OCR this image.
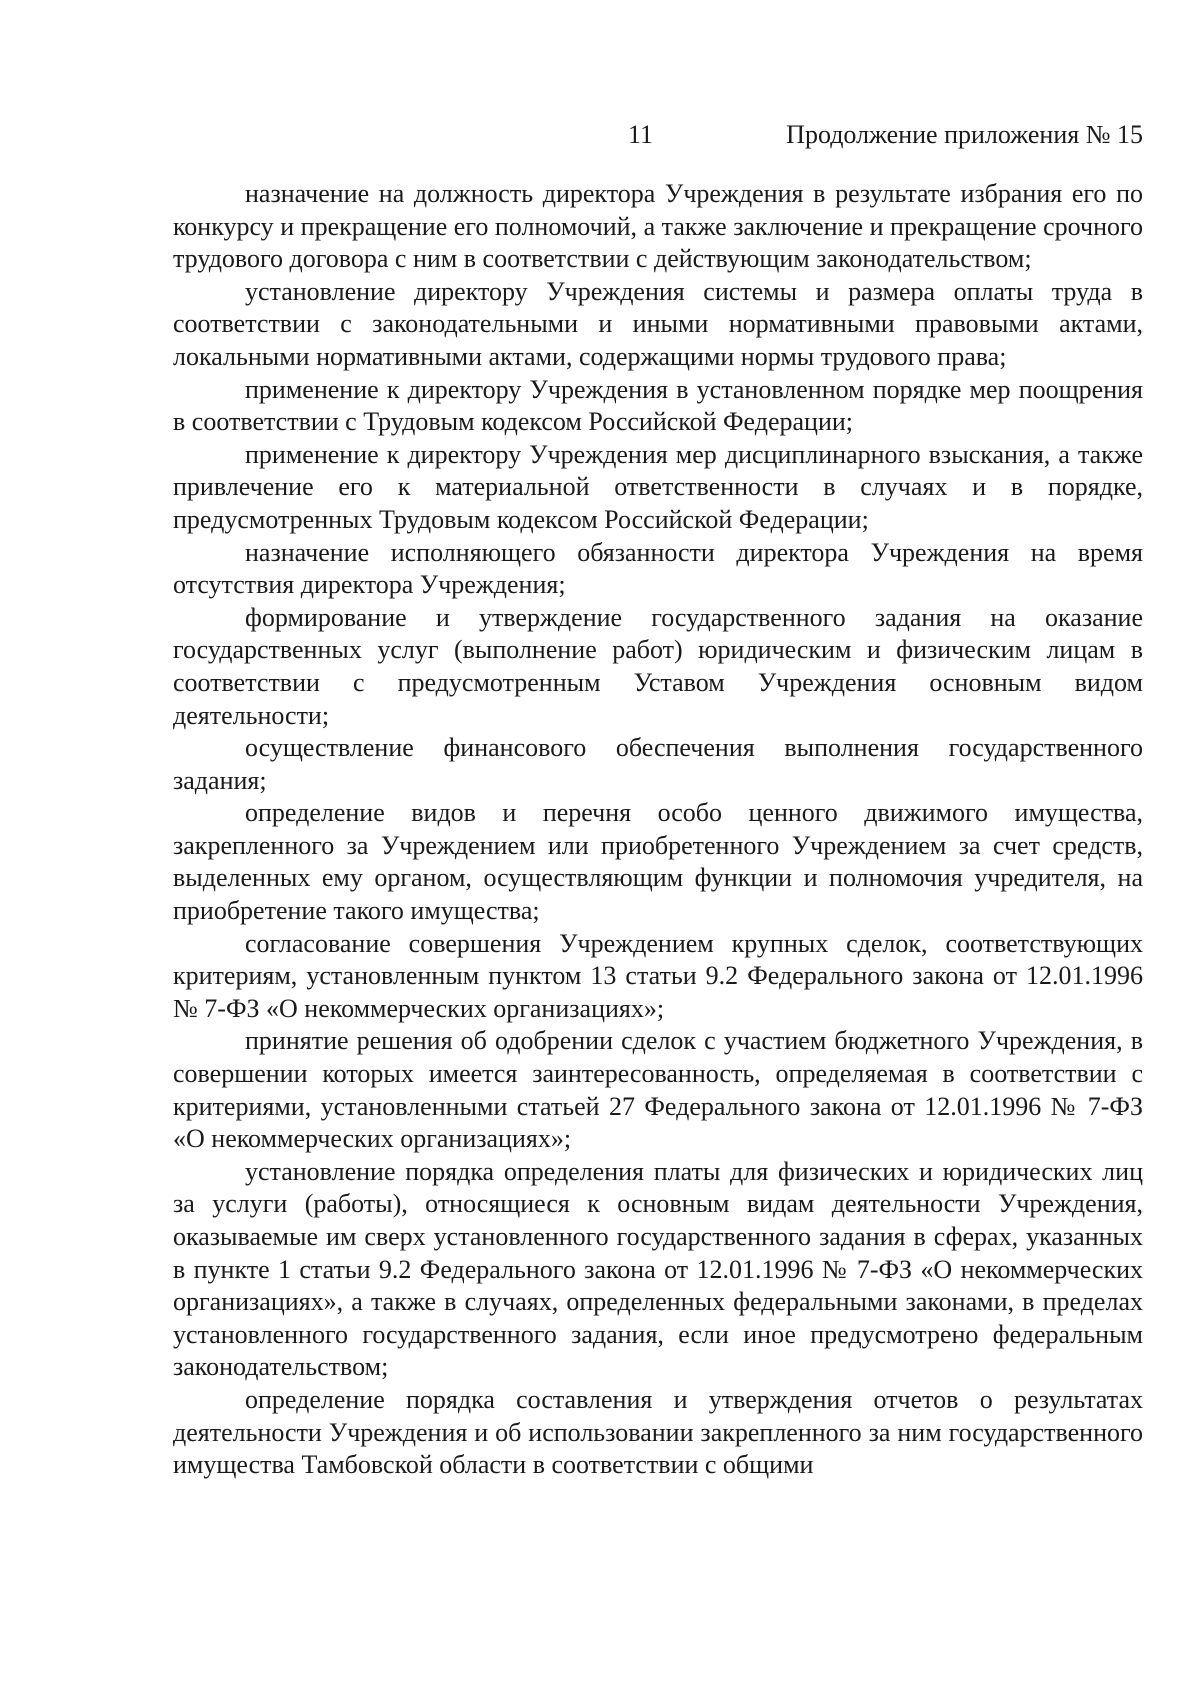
11	Продолжение приложения № 15

назначение на должность директора Учреждения в результате избрания его по конкурсу и прекращение его полномочий, а также заключение и прекращение срочного трудового договора с ним в соответствии с действующим законодательством;

установление директору Учреждения системы и размера оплаты труда в соответствии с законодательными и иными нормативными правовыми актами, локальными нормативными актами, содержащими нормы трудового права;

применение к директору Учреждения в установленном порядке мер поощрения в соответствии с Трудовым кодексом Российской Федерации;

применение к директору Учреждения мер дисциплинарного взыскания, а также привлечение его к материальной ответственности в случаях и в порядке, предусмотренных Трудовым кодексом Российской Федерации;

назначение исполняющего обязанности директора Учреждения на время отсутствия директора Учреждения;

формирование и утверждение государственного задания на оказание государственных услуг (выполнение работ) юридическим и физическим лицам в соответствии с предусмотренным Уставом Учреждения основным видом деятельности;

осуществление финансового обеспечения выполнения государственного задания;

определение видов и перечня особо ценного движимого имущества, закрепленного за Учреждением или приобретенного Учреждением за счет средств, выделенных ему органом, осуществляющим функции и полномочия учредителя, на приобретение такого имущества;

согласование совершения Учреждением крупных сделок, соответствующих критериям, установленным пунктом 13 статьи 9.2 Федерального закона от 12.01.1996 № 7-ФЗ «О некоммерческих организациях»;

принятие решения об одобрении сделок с участием бюджетного Учреждения, в совершении которых имеется заинтересованность, определяемая в соответствии с критериями, установленными статьей 27 Федерального закона от 12.01.1996 № 7-ФЗ «О некоммерческих организациях»;

установление порядка определения платы для физических и юридических лиц за услуги (работы), относящиеся к основным видам деятельности Учреждения, оказываемые им сверх установленного государственного задания в сферах, указанных в пункте 1 статьи 9.2 Федерального закона от 12.01.1996 № 7-ФЗ «О некоммерческих организациях», а также в случаях, определенных федеральными законами, в пределах установленного государственного задания, если иное предусмотрено федеральным законодательством;

определение порядка составления и утверждения отчетов о результатах деятельности Учреждения и об использовании закрепленного за ним государственного имущества Тамбовской области в соответствии с общими
